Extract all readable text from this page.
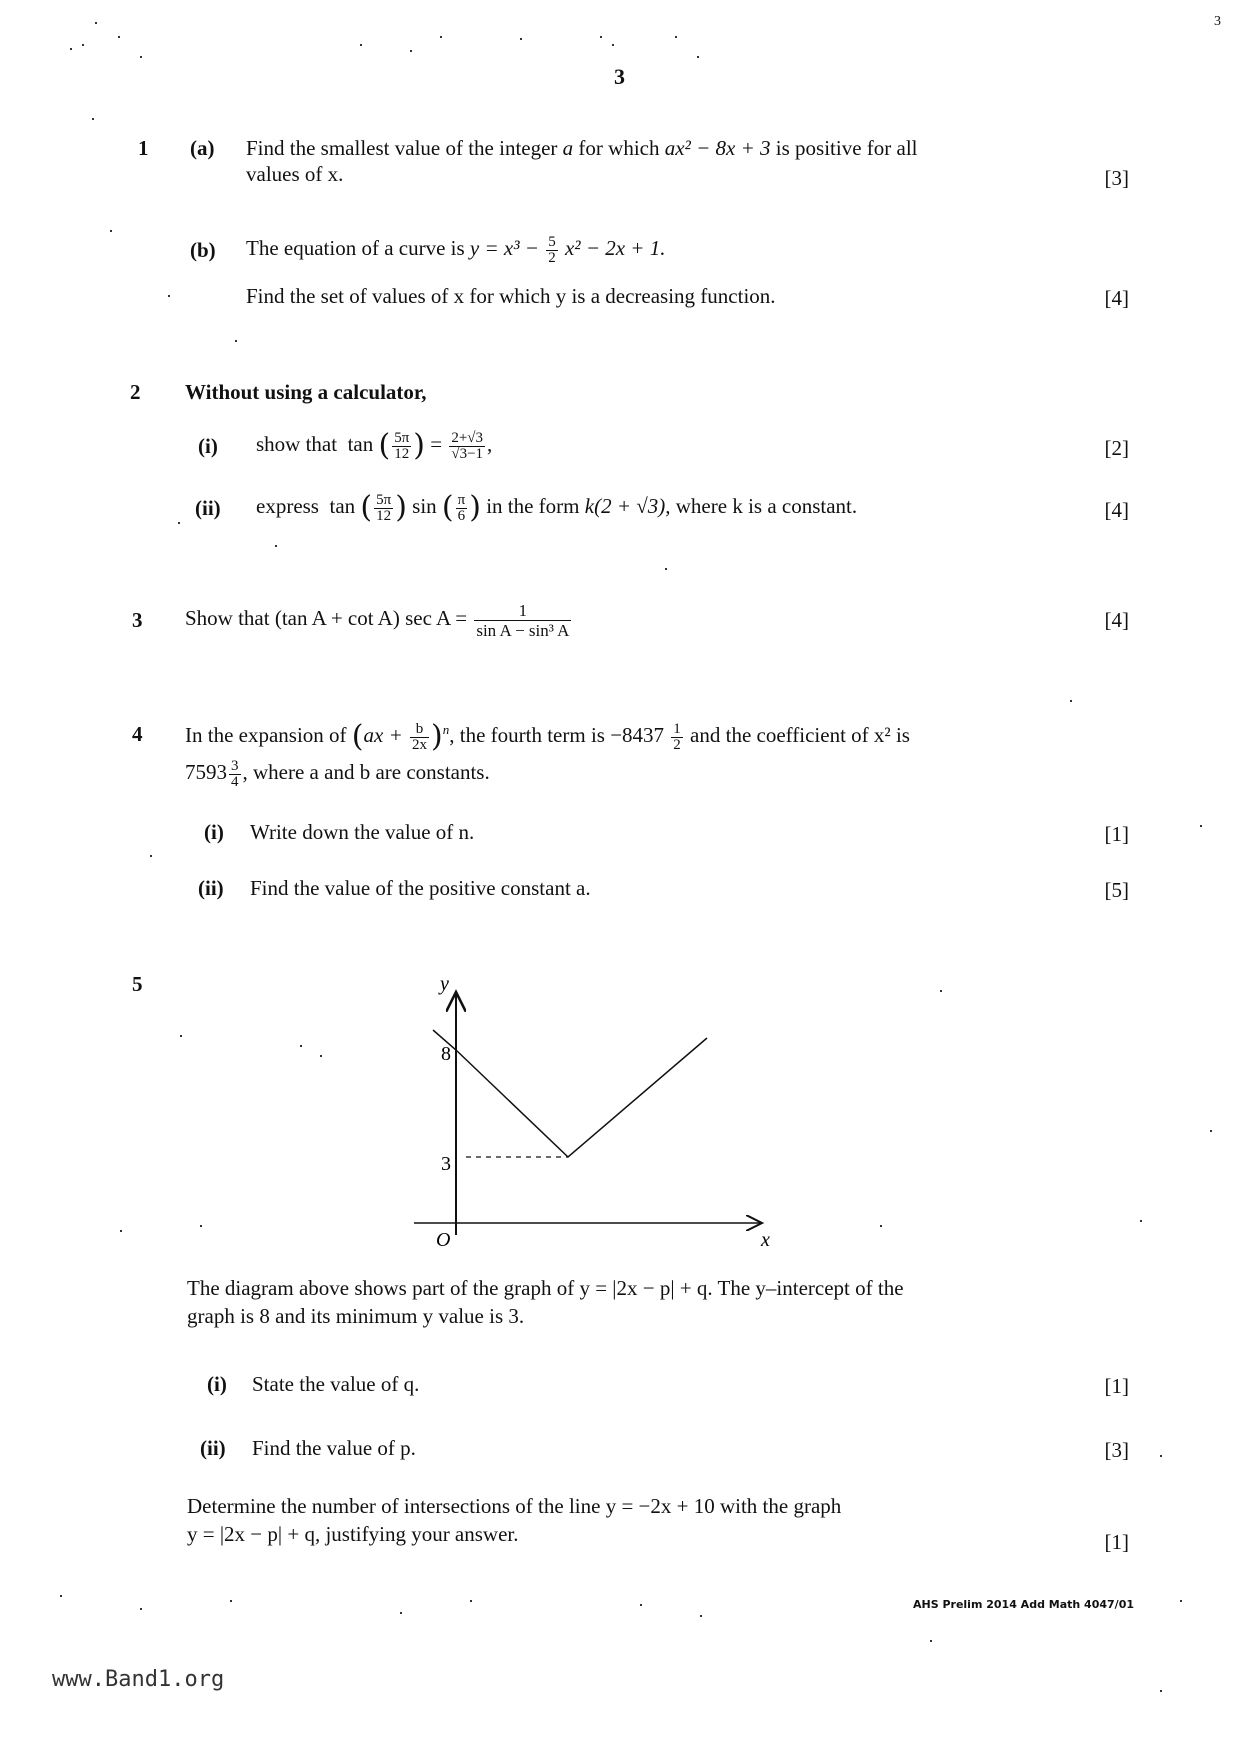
3
3
1 (a) Find the smallest value of the integer a for which ax² − 8x + 3 is positive for all
values of x.	[3]
(b) The equation of a curve is $y = x^3 - \frac{5}{2} x^2 - 2x + 1$.
Find the set of values of x for which y is a decreasing function.	[4]
2 Without using a calculator,
(i) show that tan ( $\frac{5\pi}{12}$ ) = $\frac{2+√3}{√3-1}$ ,	[2]
(ii) express tan ( $\frac{5\pi}{12}$ ) sin ( $\frac{\pi}{6}$ ) in the form k(2 + √3), where k is a constant.	[4]
3 Show that (tan A + cot A) $\sec A = \frac{1}{\text{sin A − sin³ A}}$	[4]
4 In the expansion of $(ax + \frac{b}{2x} )^n$, the fourth term is $-8437 \frac{1}{2}$ and the coefficient of x² is
$7593 \frac{3}{4}$ , where a and b are constants.
(i) Write down the value of n.	[1]
(ii) Find the value of the positive constant a.	[5]
5	y
x
O
8
3
The diagram above shows part of the graph of y = |2x − p| + q. The y–intercept of the
graph is 8 and its minimum y value is 3.
(i) State the value of q.	[1]
(ii) Find the value of p.	[3]
Determine the number of intersections of the line y = −2x + 10 with the graph
y = |2x − p| + q, justifying your answer.	[1]
AHS Prelim 2014 Add Math 4047/01
www.Band1.org
